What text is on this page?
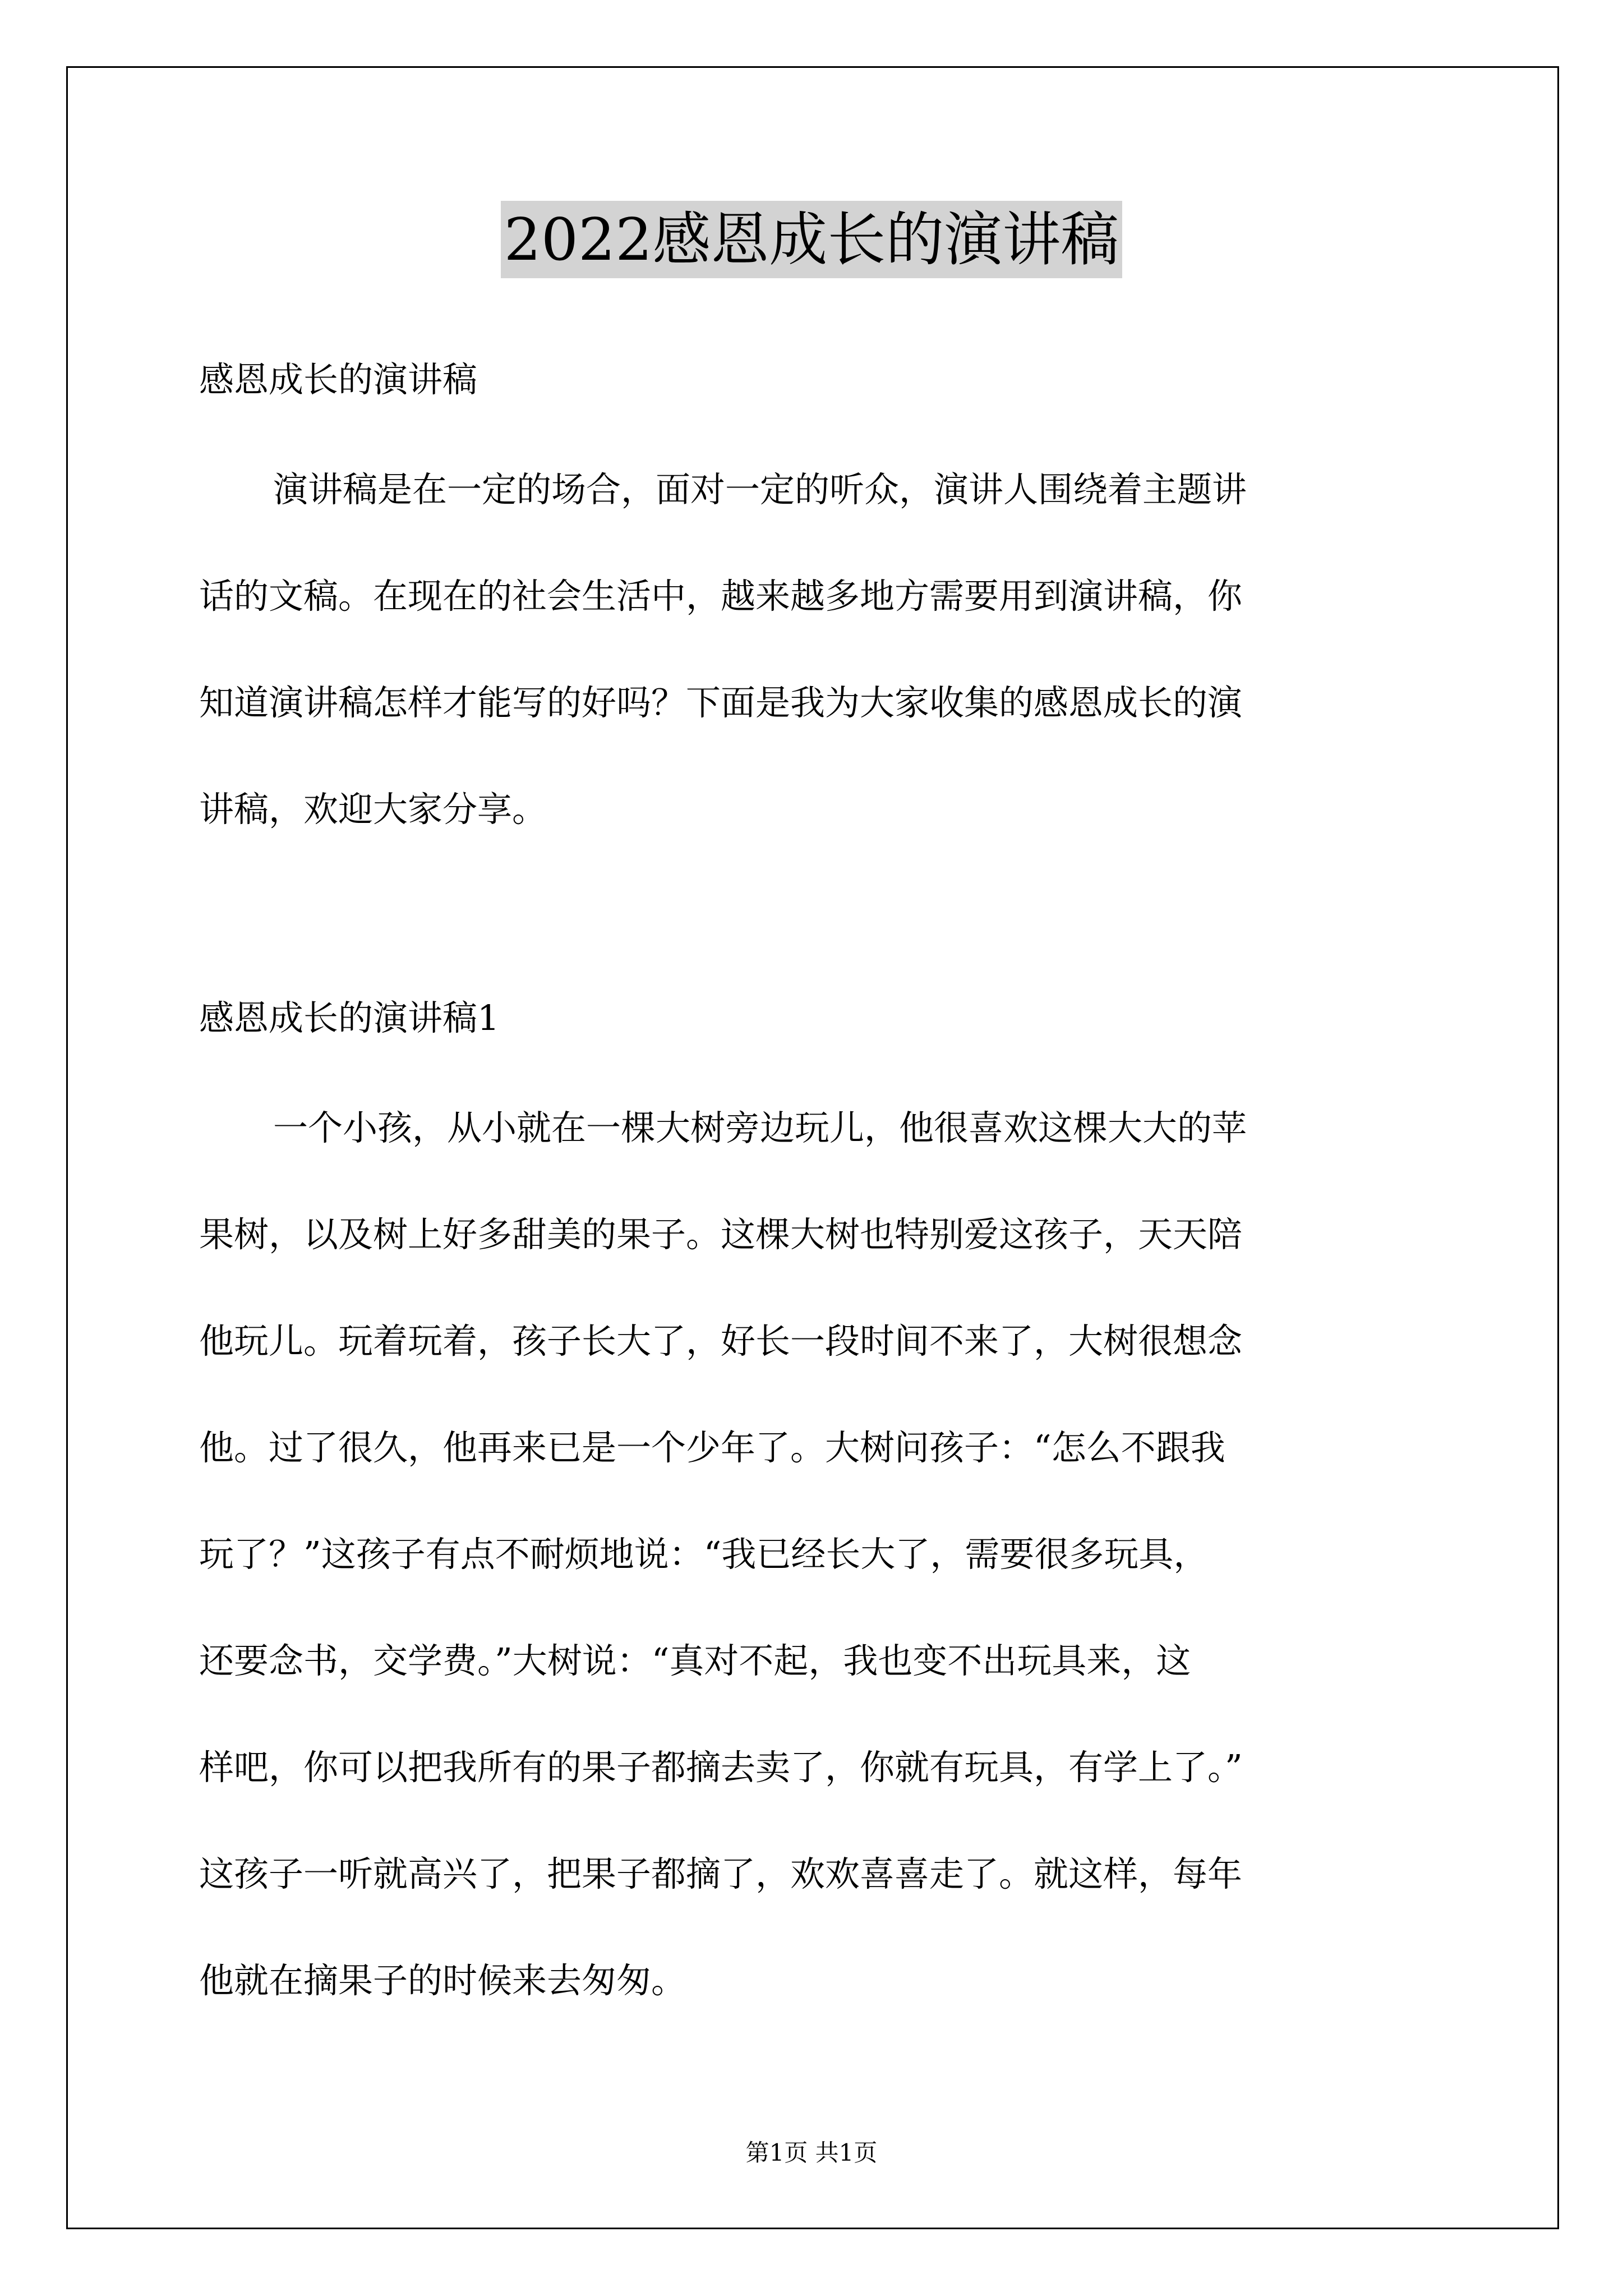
2022感恩成长的演讲稿
感恩成长的演讲稿
演讲稿是在一定的场合，面对一定的听众，演讲人围绕着主题讲
话的文稿。在现在的社会生活中，越来越多地方需要用到演讲稿，你
知道演讲稿怎样才能写的好吗？下面是我为大家收集的感恩成长的演
讲稿，欢迎大家分享。
感恩成长的演讲稿1
一个小孩，从小就在一棵大树旁边玩儿，他很喜欢这棵大大的苹
果树，以及树上好多甜美的果子。这棵大树也特别爱这孩子，天天陪
他玩儿。玩着玩着，孩子长大了，好长一段时间不来了，大树很想念
他。过了很久，他再来已是一个少年了。大树问孩子：“怎么不跟我
玩了？”这孩子有点不耐烦地说：“我已经长大了，需要很多玩具，
还要念书，交学费。”大树说：“真对不起，我也变不出玩具来，这
样吧，你可以把我所有的果子都摘去卖了，你就有玩具，有学上了。”
这孩子一听就高兴了，把果子都摘了，欢欢喜喜走了。就这样，每年
他就在摘果子的时候来去匆匆。
第1页 共1页
